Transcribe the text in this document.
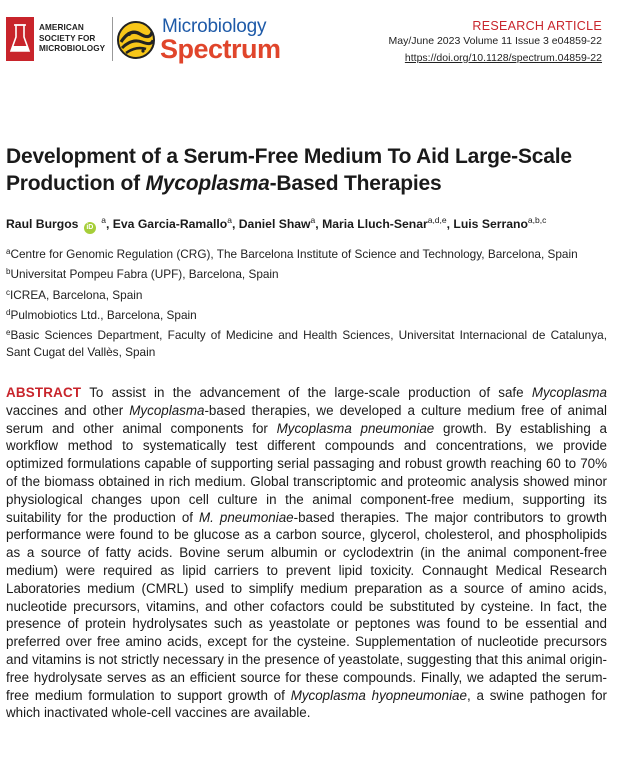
AMERICAN
SOCIETY FOR
MICROBIOLOGY
Microbiology
Spectrum
RESEARCH ARTICLE
May/June 2023 Volume 11 Issue 3 e04859-22
https://doi.org/10.1128/spectrum.04859-22
Development of a Serum-Free Medium To Aid Large-Scale Production of Mycoplasma-Based Therapies
Raul Burgos iD $^a$, Eva Garcia-Ramallo$^a$, Daniel Shaw$^a$, Maria Lluch-Senar$^{a,d,e}$, Luis Serrano$^{a,b,c}$

$^a$Centre for Genomic Regulation (CRG), The Barcelona Institute of Science and Technology, Barcelona, Spain

$^b$Universitat Pompeu Fabra (UPF), Barcelona, Spain

$^c$ICREA, Barcelona, Spain

$^d$Pulmobiotics Ltd., Barcelona, Spain

$^e$Basic Sciences Department, Faculty of Medicine and Health Sciences, Universitat Internacional de Catalunya, Sant Cugat del Vallès, Spain

ABSTRACT To assist in the advancement of the large-scale production of safe Mycoplasma vaccines and other Mycoplasma-based therapies, we developed a culture medium free of animal serum and other animal components for Mycoplasma pneumoniae growth. By establishing a workflow method to systematically test different compounds and concentrations, we provide optimized formulations capable of supporting serial passaging and robust growth reaching 60 to 70% of the biomass obtained in rich medium. Global transcriptomic and proteomic analysis showed minor physiological changes upon cell culture in the animal component-free medium, supporting its suitability for the production of M. pneumoniae-based therapies. The major contributors to growth performance were found to be glucose as a carbon source, glycerol, cholesterol, and phospholipids as a source of fatty acids. Bovine serum albumin or cyclodextrin (in the animal component-free medium) were required as lipid carriers to prevent lipid toxicity. Connaught Medical Research Laboratories medium (CMRL) used to simplify medium preparation as a source of amino acids, nucleotide precursors, vitamins, and other cofactors could be substituted by cysteine. In fact, the presence of protein hydrolysates such as yeastolate or peptones was found to be essential and preferred over free amino acids, except for the cysteine. Supplementation of nucleotide precursors and vitamins is not strictly necessary in the presence of yeastolate, suggesting that this animal origin-free hydrolysate serves as an efficient source for these compounds. Finally, we adapted the serum-free medium formulation to support growth of Mycoplasma hyopneumoniae, a swine pathogen for which inactivated whole-cell vaccines are available.
